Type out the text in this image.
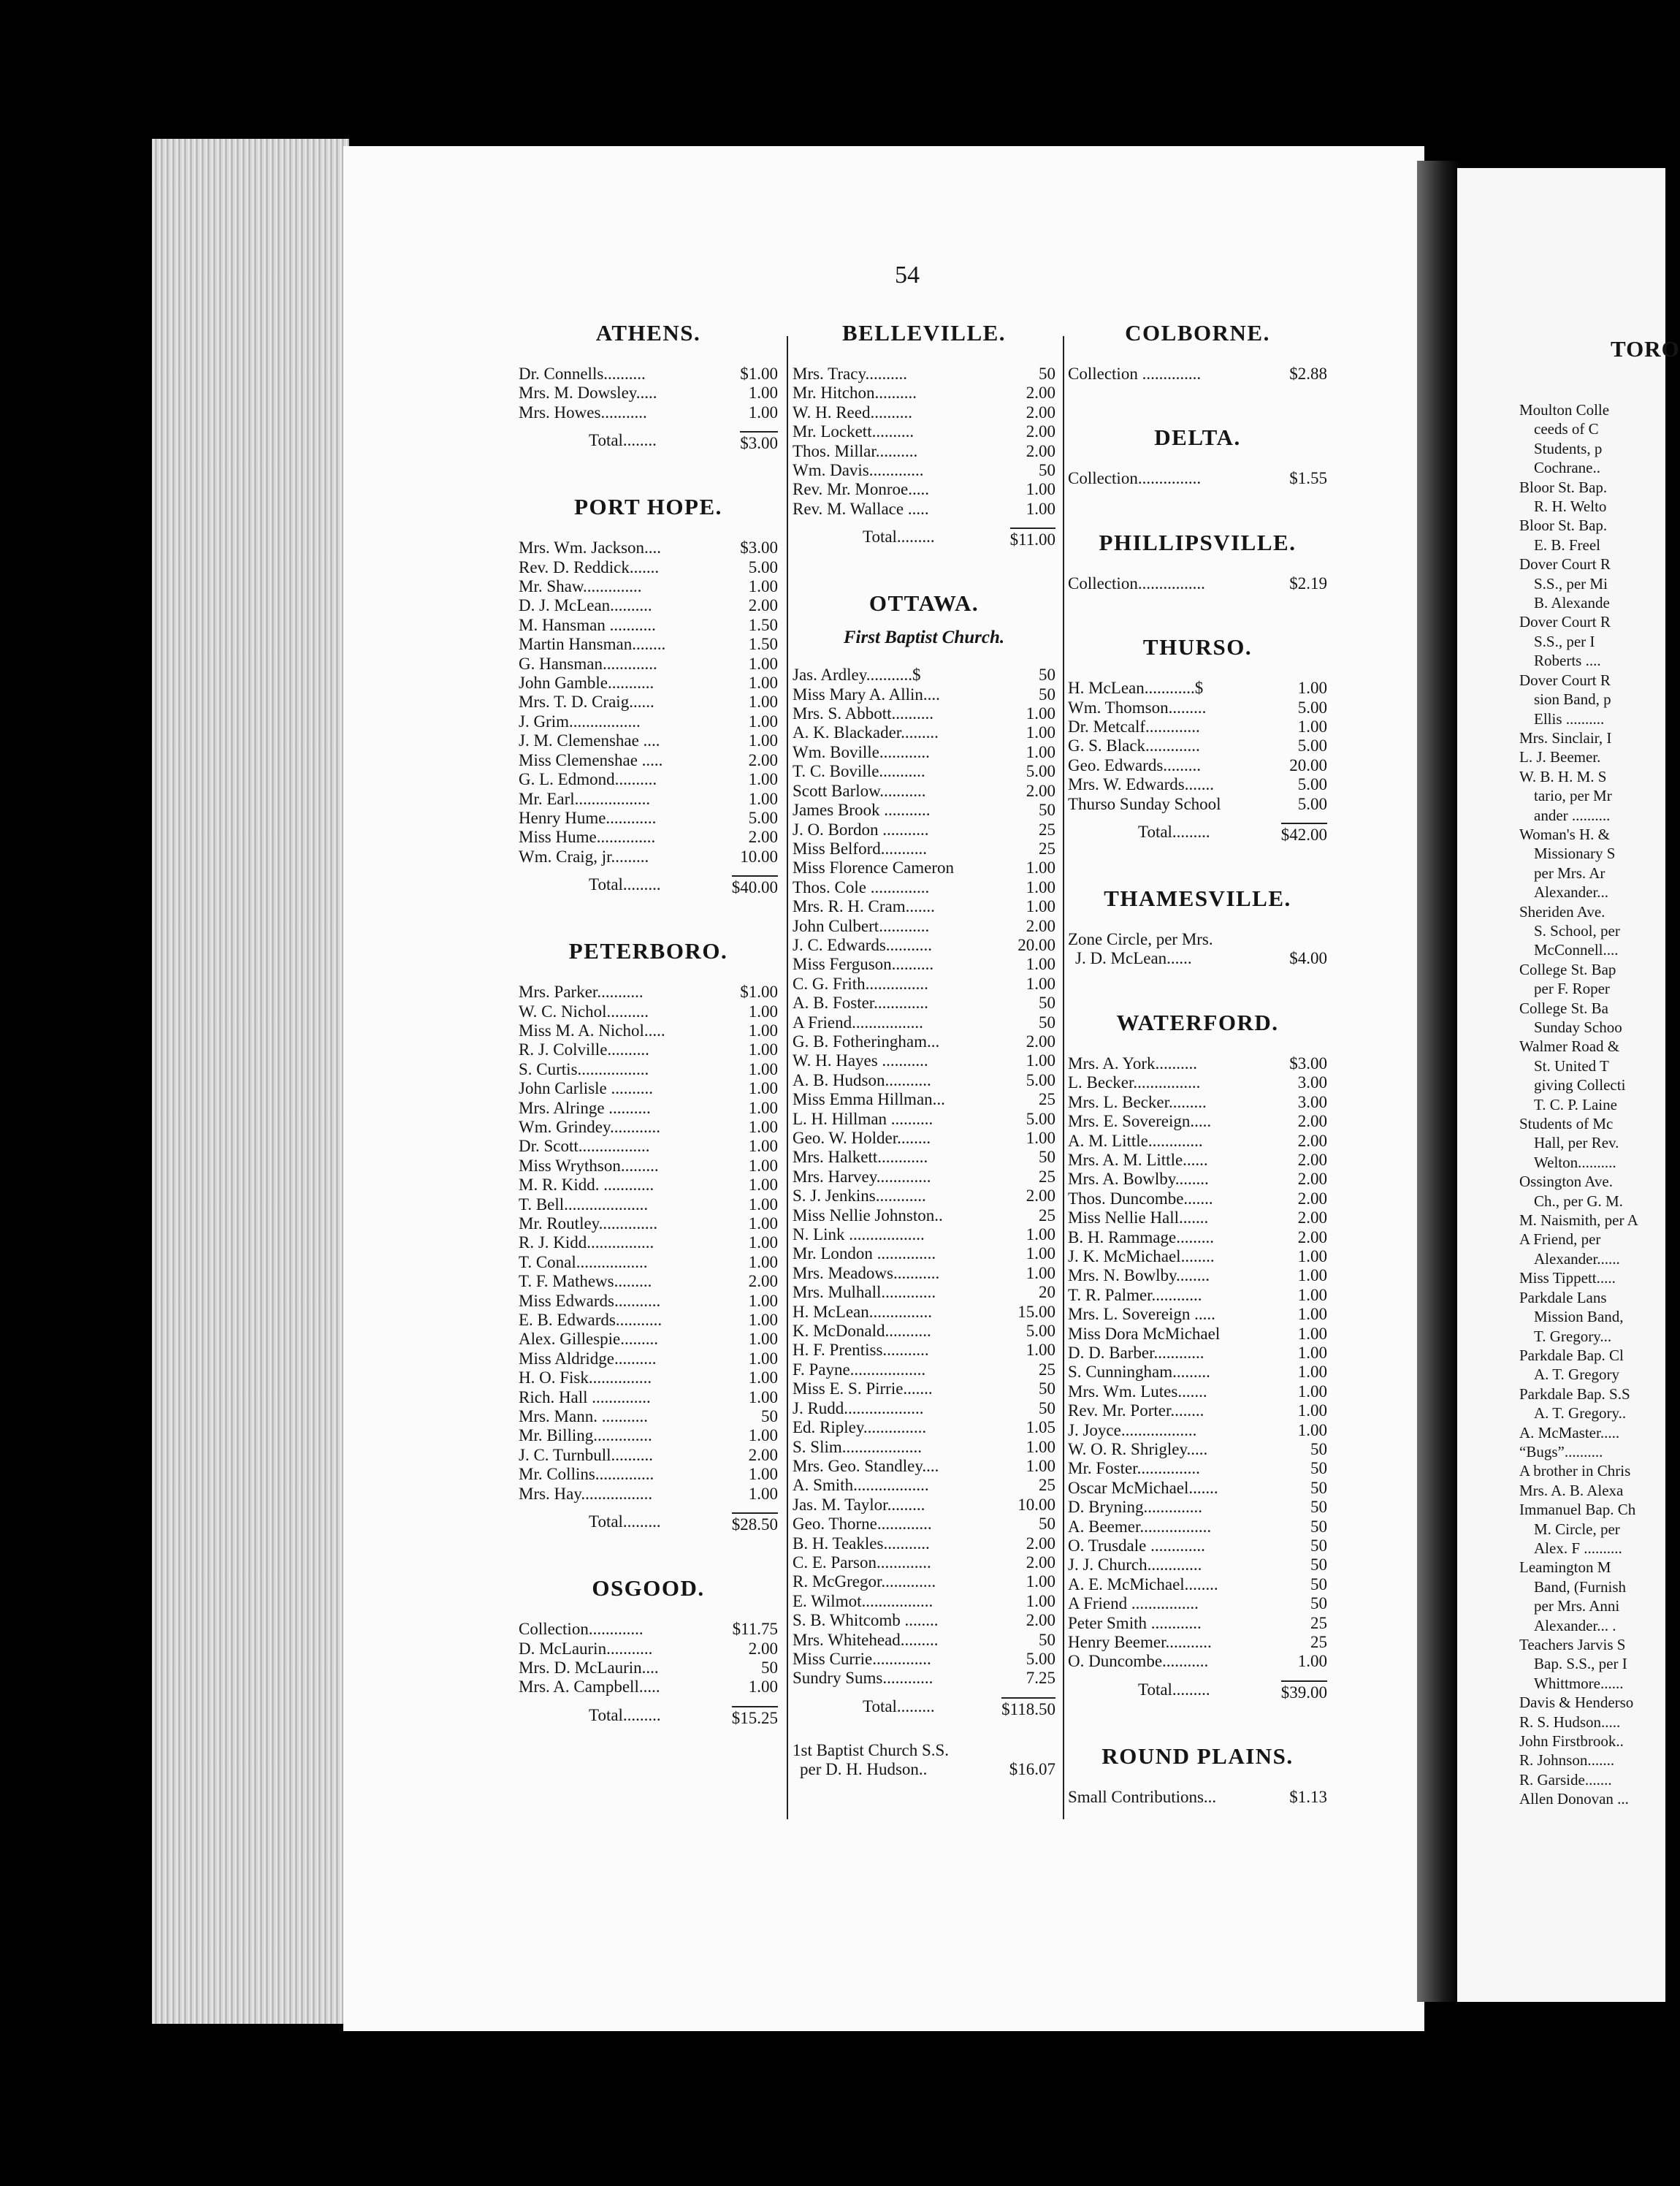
54
ATHENS.
Dr. Connells..........	$1.00
Mrs. M. Dowsley.....	1.00
Mrs. Howes...........	1.00
Total........	$3.00
PORT HOPE.
Mrs. Wm. Jackson....	$3.00
Rev. D. Reddick.......	5.00
Mr. Shaw..............	1.00
D. J. McLean..........	2.00
M. Hansman ...........	1.50
Martin Hansman........	1.50
G. Hansman.............	1.00
John Gamble...........	1.00
Mrs. T. D. Craig......	1.00
J. Grim.................	1.00
J. M. Clemenshae ....	1.00
Miss Clemenshae .....	2.00
G. L. Edmond..........	1.00
Mr. Earl..................	1.00
Henry Hume............	5.00
Miss Hume..............	2.00
Wm. Craig, jr.........	10.00
Total.........	$40.00
PETERBORO.
Mrs. Parker...........	$1.00
W. C. Nichol..........	1.00
Miss M. A. Nichol.....	1.00
R. J. Colville..........	1.00
S. Curtis.................	1.00
John Carlisle ..........	1.00
Mrs. Alringe ..........	1.00
Wm. Grindey............	1.00
Dr. Scott.................	1.00
Miss Wrythson.........	1.00
M. R. Kidd. ............	1.00
T. Bell....................	1.00
Mr. Routley..............	1.00
R. J. Kidd................	1.00
T. Conal.................	1.00
T. F. Mathews.........	2.00
Miss Edwards...........	1.00
E. B. Edwards...........	1.00
Alex. Gillespie.........	1.00
Miss Aldridge..........	1.00
H. O. Fisk...............	1.00
Rich. Hall ..............	1.00
Mrs. Mann. ...........	50
Mr. Billing..............	1.00
J. C. Turnbull..........	2.00
Mr. Collins..............	1.00
Mrs. Hay.................	1.00
Total.........	$28.50
OSGOOD.
Collection.............	$11.75
D. McLaurin...........	2.00
Mrs. D. McLaurin....	50
Mrs. A. Campbell.....	1.00
Total.........	$15.25
BELLEVILLE.
Mrs. Tracy..........	50
Mr. Hitchon..........	2.00
W. H. Reed..........	2.00
Mr. Lockett..........	2.00
Thos. Millar..........	2.00
Wm. Davis.............	50
Rev. Mr. Monroe.....	1.00
Rev. M. Wallace .....	1.00
Total.........	$11.00
OTTAWA.
First Baptist Church.
Jas. Ardley...........$	50
Miss Mary A. Allin....	50
Mrs. S. Abbott..........	1.00
A. K. Blackader.........	1.00
Wm. Boville............	1.00
T. C. Boville...........	5.00
Scott Barlow...........	2.00
James Brook ...........	50
J. O. Bordon ...........	25
Miss Belford...........	25
Miss Florence Cameron	1.00
Thos. Cole ..............	1.00
Mrs. R. H. Cram.......	1.00
John Culbert............	2.00
J. C. Edwards...........	20.00
Miss Ferguson..........	1.00
C. G. Frith...............	1.00
A. B. Foster.............	50
A Friend.................	50
G. B. Fotheringham...	2.00
W. H. Hayes ...........	1.00
A. B. Hudson...........	5.00
Miss Emma Hillman...	25
L. H. Hillman ..........	5.00
Geo. W. Holder........	1.00
Mrs. Halkett............	50
Mrs. Harvey.............	25
S. J. Jenkins............	2.00
Miss Nellie Johnston..	25
N. Link ..................	1.00
Mr. London ..............	1.00
Mrs. Meadows...........	1.00
Mrs. Mulhall.............	20
H. McLean...............	15.00
K. McDonald...........	5.00
H. F. Prentiss...........	1.00
F. Payne..................	25
Miss E. S. Pirrie.......	50
J. Rudd...................	50
Ed. Ripley...............	1.05
S. Slim...................	1.00
Mrs. Geo. Standley....	1.00
A. Smith..................	25
Jas. M. Taylor.........	10.00
Geo. Thorne.............	50
B. H. Teakles...........	2.00
C. E. Parson.............	2.00
R. McGregor.............	1.00
E. Wilmot.................	1.00
S. B. Whitcomb ........	2.00
Mrs. Whitehead.........	50
Miss Currie..............	5.00
Sundry Sums............	7.25
Total.........	$118.50
1st Baptist Church S.S.
per D. H. Hudson..	$16.07
COLBORNE.
Collection ..............	$2.88
DELTA.
Collection...............	$1.55
PHILLIPSVILLE.
Collection................	$2.19
THURSO.
H. McLean............$	1.00
Wm. Thomson.........	5.00
Dr. Metcalf.............	1.00
G. S. Black.............	5.00
Geo. Edwards.........	20.00
Mrs. W. Edwards.......	5.00
Thurso Sunday School	5.00
Total.........	$42.00
THAMESVILLE.
Zone Circle, per Mrs.
J. D. McLean......	$4.00
WATERFORD.
Mrs. A. York..........	$3.00
L. Becker................	3.00
Mrs. L. Becker.........	3.00
Mrs. E. Sovereign.....	2.00
A. M. Little.............	2.00
Mrs. A. M. Little......	2.00
Mrs. A. Bowlby........	2.00
Thos. Duncombe.......	2.00
Miss Nellie Hall.......	2.00
B. H. Rammage.........	2.00
J. K. McMichael........	1.00
Mrs. N. Bowlby........	1.00
T. R. Palmer............	1.00
Mrs. L. Sovereign .....	1.00
Miss Dora McMichael	1.00
D. D. Barber............	1.00
S. Cunningham.........	1.00
Mrs. Wm. Lutes.......	1.00
Rev. Mr. Porter........	1.00
J. Joyce..................	1.00
W. O. R. Shrigley.....	50
Mr. Foster...............	50
Oscar McMichael.......	50
D. Bryning..............	50
A. Beemer.................	50
O. Trusdale .............	50
J. J. Church.............	50
A. E. McMichael........	50
A Friend ................	50
Peter Smith ............	25
Henry Beemer...........	25
O. Duncombe...........	1.00
Total.........	$39.00
ROUND PLAINS.
Small Contributions...	$1.13
TORO
Moulton Colle
ceeds of C
Students, p
Cochrane..
Bloor St. Bap.
R. H. Welto
Bloor St. Bap.
E. B. Freel
Dover Court R
S.S., per Mi
B. Alexande
Dover Court R
S.S., per I
Roberts ....
Dover Court R
sion Band, p
Ellis ..........
Mrs. Sinclair, I
L. J. Beemer.
W. B. H. M. S
tario, per Mr
ander ..........
Woman's H. &
Missionary S
per Mrs. Ar
Alexander...
Sheriden Ave.
S. School, per
McConnell....
College St. Bap
per F. Roper
College St. Ba
Sunday Schoo
Walmer Road &
St. United T
giving Collecti
T. C. P. Laine
Students of Mc
Hall, per Rev.
Welton..........
Ossington Ave.
Ch., per G. M.
M. Naismith, per A
A Friend, per
Alexander......
Miss Tippett.....
Parkdale Lans
Mission Band,
T. Gregory...
Parkdale Bap. Cl
A. T. Gregory
Parkdale Bap. S.S
A. T. Gregory..
A. McMaster.....
“Bugs”..........
A brother in Chris
Mrs. A. B. Alexa
Immanuel Bap. Ch
M. Circle, per
Alex. F ..........
Leamington M
Band, (Furnish
per Mrs. Anni
Alexander... .
Teachers Jarvis S
Bap. S.S., per I
Whittmore......
Davis & Henderso
R. S. Hudson.....
John Firstbrook..
R. Johnson.......
R. Garside.......
Allen Donovan ...
